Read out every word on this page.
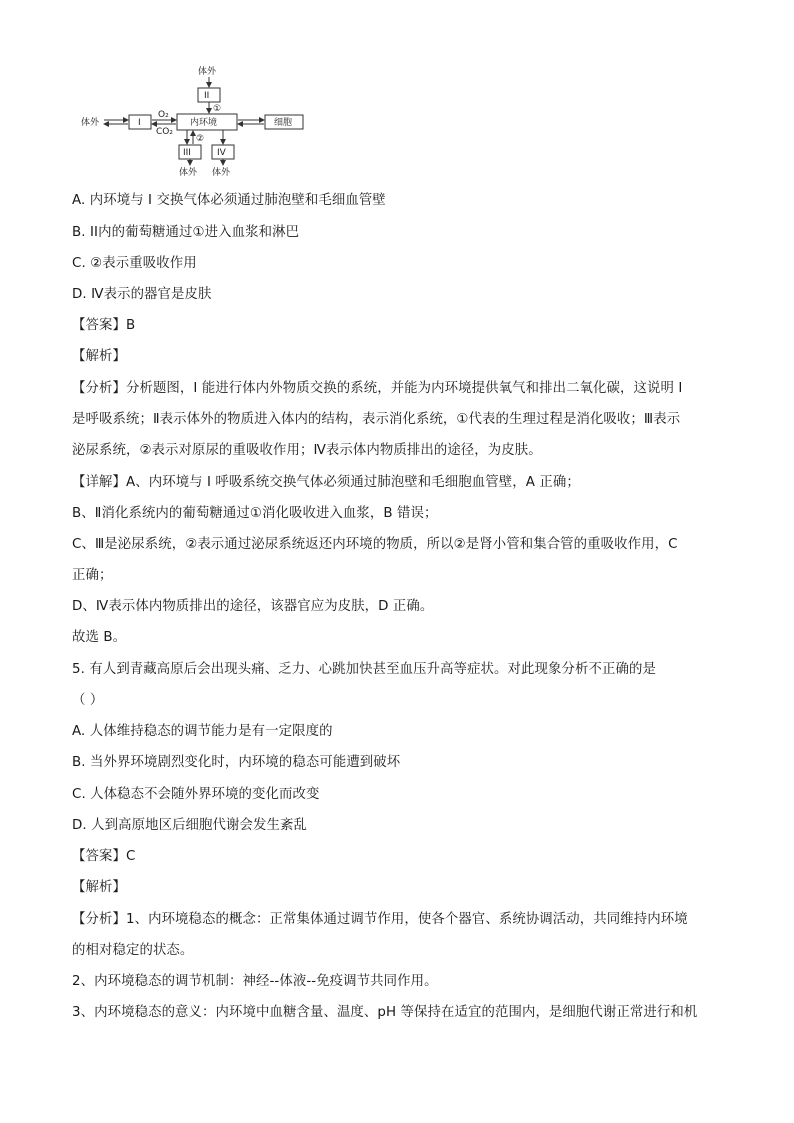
体外
II
①
体外	I
O₂
CO₂
内环境	细胞
②
III
体外
IV
体外
A. 内环境与 I 交换气体必须通过肺泡壁和毛细血管壁
B. II内的葡萄糖通过①进入血浆和淋巴
C. ②表示重吸收作用
D. Ⅳ表示的器官是皮肤
【答案】B
【解析】
【分析】分析题图，I 能进行体内外物质交换的系统，并能为内环境提供氧气和排出二氧化碳，这说明 I
是呼吸系统；Ⅱ表示体外的物质进入体内的结构，表示消化系统，①代表的生理过程是消化吸收；Ⅲ表示
泌尿系统，②表示对原尿的重吸收作用；Ⅳ表示体内物质排出的途径，为皮肤。
【详解】A、内环境与 I 呼吸系统交换气体必须通过肺泡壁和毛细胞血管壁，A 正确；
B、Ⅱ消化系统内的葡萄糖通过①消化吸收进入血浆，B 错误；
C、Ⅲ是泌尿系统，②表示通过泌尿系统返还内环境的物质，所以②是肾小管和集合管的重吸收作用，C
正确；
D、Ⅳ表示体内物质排出的途径，该器官应为皮肤，D 正确。
故选 B。
5. 有人到青藏高原后会出现头痛、乏力、心跳加快甚至血压升高等症状。对此现象分析不正确的是
（ ）
A. 人体维持稳态的调节能力是有一定限度的
B. 当外界环境剧烈变化时，内环境的稳态可能遭到破坏
C. 人体稳态不会随外界环境的变化而改变
D. 人到高原地区后细胞代谢会发生紊乱
【答案】C
【解析】
【分析】1、内环境稳态的概念：正常集体通过调节作用，使各个器官、系统协调活动，共同维持内环境
的相对稳定的状态。
2、内环境稳态的调节机制：神经--体液--免疫调节共同作用。
3、内环境稳态的意义：内环境中血糖含量、温度、pH 等保持在适宜的范围内，是细胞代谢正常进行和机
